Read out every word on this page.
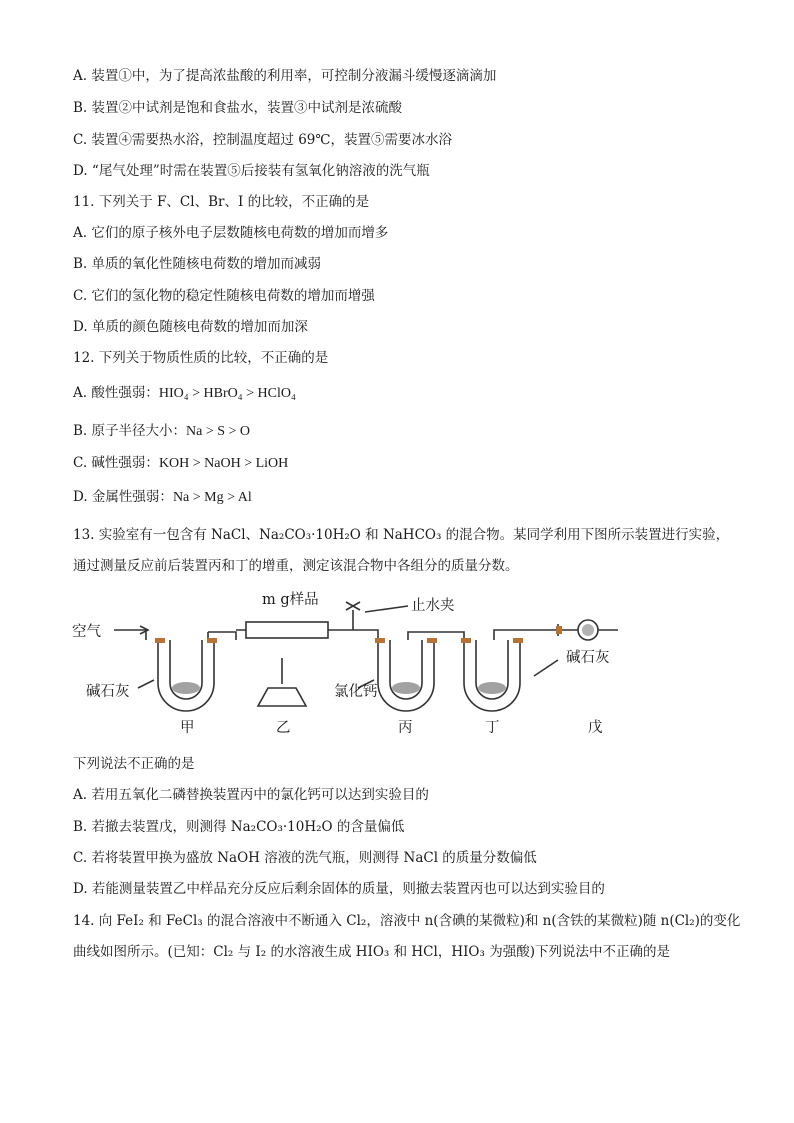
A. 装置①中，为了提高浓盐酸的利用率，可控制分液漏斗缓慢逐滴滴加
B. 装置②中试剂是饱和食盐水，装置③中试剂是浓硫酸
C. 装置④需要热水浴，控制温度超过 69℃，装置⑤需要冰水浴
D. “尾气处理”时需在装置⑤后接装有氢氧化钠溶液的洗气瓶
11. 下列关于 F、Cl、Br、I 的比较，不正确的是
A. 它们的原子核外电子层数随核电荷数的增加而增多
B. 单质的氧化性随核电荷数的增加而减弱
C. 它们的氢化物的稳定性随核电荷数的增加而增强
D. 单质的颜色随核电荷数的增加而加深
12. 下列关于物质性质的比较，不正确的是
A. 酸性强弱：HIO₄ > HBrO₄ > HClO₄
B. 原子半径大小：Na > S > O
C. 碱性强弱：KOH > NaOH > LiOH
D. 金属性强弱：Na > Mg > Al
13. 实验室有一包含有 NaCl、Na₂CO₃·10H₂O 和 NaHCO₃ 的混合物。某同学利用下图所示装置进行实验，
通过测量反应前后装置丙和丁的增重，测定该混合物中各组分的质量分数。
空气
m g样品	止水夹
碱石灰	氯化钙
碱石灰
甲	乙	丙	丁	戊
下列说法不正确的是
A. 若用五氧化二磷替换装置丙中的氯化钙可以达到实验目的
B. 若撤去装置戊，则测得 Na₂CO₃·10H₂O 的含量偏低
C. 若将装置甲换为盛放 NaOH 溶液的洗气瓶，则测得 NaCl 的质量分数偏低
D. 若能测量装置乙中样品充分反应后剩余固体的质量，则撤去装置丙也可以达到实验目的
14. 向 FeI₂ 和 FeCl₃ 的混合溶液中不断通入 Cl₂，溶液中 n(含碘的某微粒)和 n(含铁的某微粒)随 n(Cl₂)的变化
曲线如图所示。(已知：Cl₂ 与 I₂ 的水溶液生成 HIO₃ 和 HCl，HIO₃ 为强酸)下列说法中不正确的是
